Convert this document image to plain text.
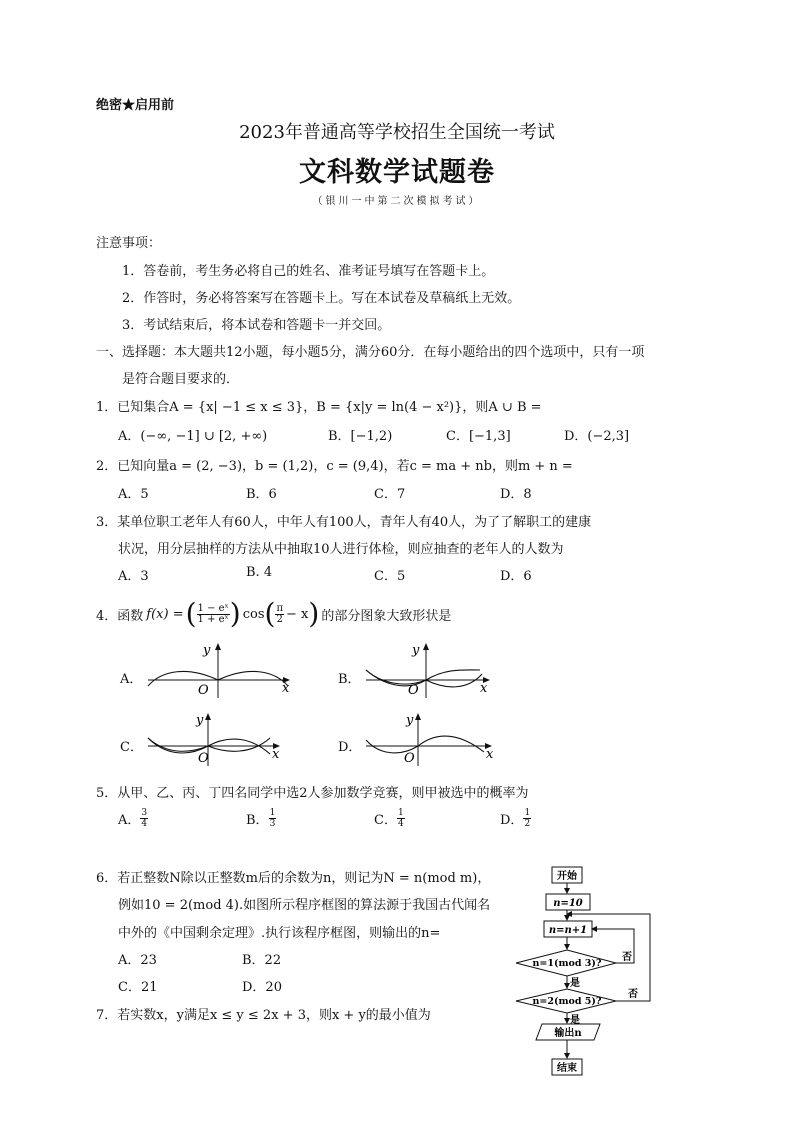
绝密★启用前
2023年普通高等学校招生全国统一考试
文科数学试题卷
（银川一中第二次模拟考试）
注意事项：
1．答卷前，考生务必将自己的姓名、准考证号填写在答题卡上。
2．作答时，务必将答案写在答题卡上。写在本试卷及草稿纸上无效。
3．考试结束后，将本试卷和答题卡一并交回。
一、选择题：本大题共12小题，每小题5分，满分60分．在每小题给出的四个选项中，只有一项
是符合题目要求的．
1．已知集合A = {x| −1 ≤ x ≤ 3}，B = {x|y = ln(4 − x²)}，则A ∪ B =
A．(−∞, −1] ∪ [2, +∞)	B．[−1,2)	C．[−1,3]	D．(−2,3]
2．已知向量a = (2, −3)，b = (1,2)，c = (9,4)，若c = ma + nb，则m + n =
A．5	B．6	C．7	D．8
3．某单位职工老年人有60人，中年人有100人，青年人有40人，为了了解职工的建康
状况，用分层抽样的方法从中抽取10人进行体检，则应抽查的老年人的人数为
A．3	B. 4	C．5	D．6
4．函数 f(x) = ( $\frac{\text{1 − eˣ}}{\text{1 + eˣ}}$ ) cos ( $\frac{\pi}{2} - x$ ) 的部分图象大致形状是
A．	B．
C．	D．
y
x
O
y
x
O
y
x
O
y
x
O
5．从甲、乙、丙、丁四名同学中选2人参加数学竞赛，则甲被选中的概率为
A． $\frac{3}{4}$	B． $\frac{1}{3}$	C． $\frac{1}{4}$	D． $\frac{1}{2}$
6．若正整数N除以正整数m后的余数为n，则记为N = n(mod m)，
例如10 = 2(mod 4).如图所示程序框图的算法源于我国古代闻名
中外的《中国剩余定理》.执行该程序框图，则输出的n=
A．23	B．22
C．21	D．20
7．若实数x，y满足x ≤ y ≤ 2x + 3，则x + y的最小值为
开始
n=10
n=n+1
n=1(mod 3)?
n=2(mod 5)?
是
是
否
否
输出n
结束
